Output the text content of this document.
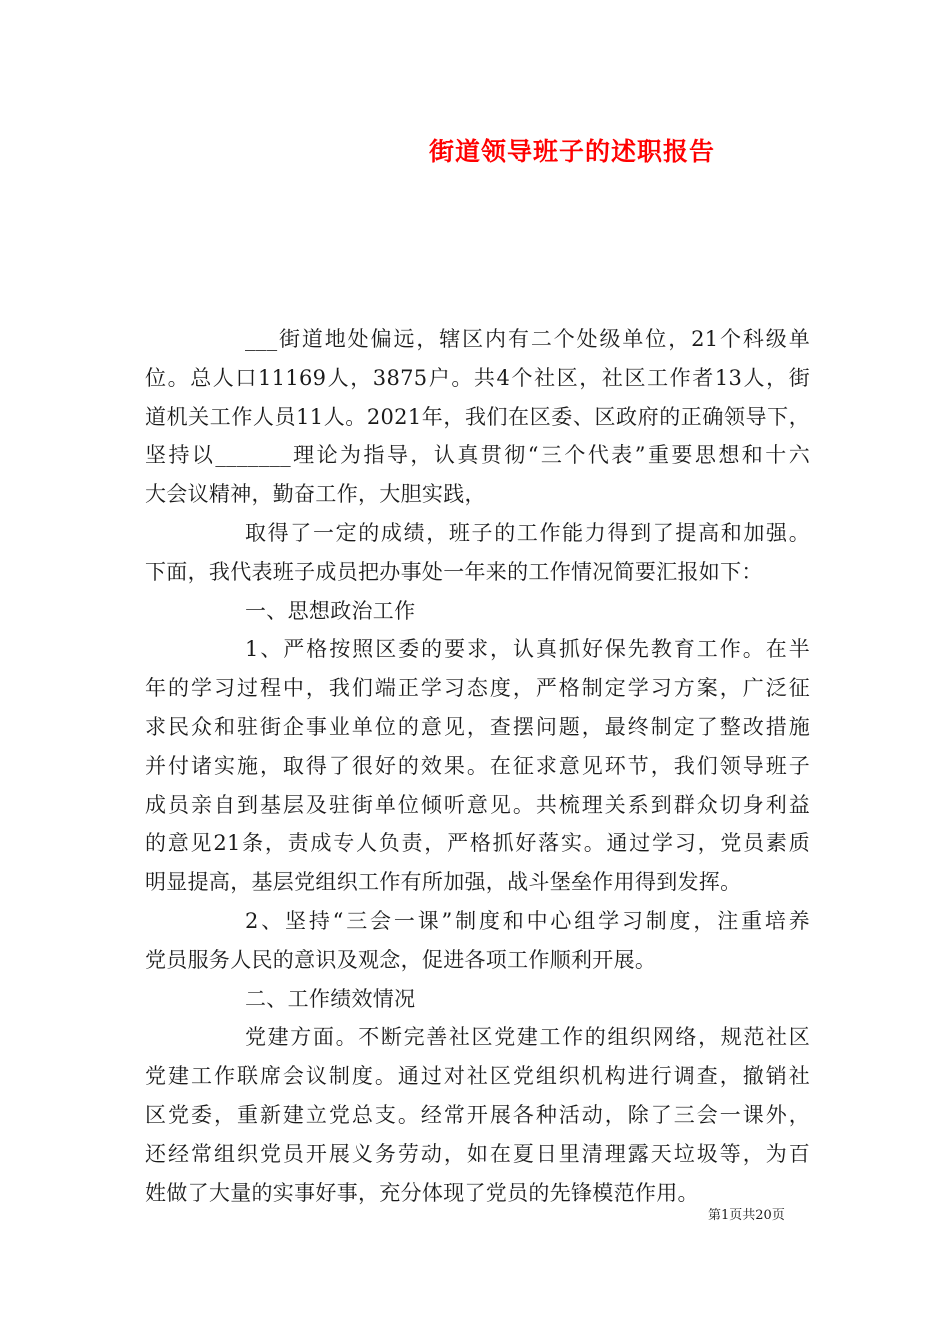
街道领导班子的述职报告
___街道地处偏远，辖区内有二个处级单位，21个科级单
位。总人口11169人，3875户。共4个社区，社区工作者13人，街
道机关工作人员11人。2021年，我们在区委、区政府的正确领导下，
坚持以_______理论为指导，认真贯彻“三个代表”重要思想和十六
大会议精神，勤奋工作，大胆实践，
取得了一定的成绩，班子的工作能力得到了提高和加强。
下面，我代表班子成员把办事处一年来的工作情况简要汇报如下：
一、思想政治工作
1、严格按照区委的要求，认真抓好保先教育工作。在半
年的学习过程中，我们端正学习态度，严格制定学习方案，广泛征
求民众和驻街企事业单位的意见，查摆问题，最终制定了整改措施
并付诸实施，取得了很好的效果。在征求意见环节，我们领导班子
成员亲自到基层及驻街单位倾听意见。共梳理关系到群众切身利益
的意见21条，责成专人负责，严格抓好落实。通过学习，党员素质
明显提高，基层党组织工作有所加强，战斗堡垒作用得到发挥。
2、坚持“三会一课”制度和中心组学习制度，注重培养
党员服务人民的意识及观念，促进各项工作顺利开展。
二、工作绩效情况
党建方面。不断完善社区党建工作的组织网络，规范社区
党建工作联席会议制度。通过对社区党组织机构进行调查，撤销社
区党委，重新建立党总支。经常开展各种活动，除了三会一课外，
还经常组织党员开展义务劳动，如在夏日里清理露天垃圾等，为百
姓做了大量的实事好事，充分体现了党员的先锋模范作用。
第1页共20页
